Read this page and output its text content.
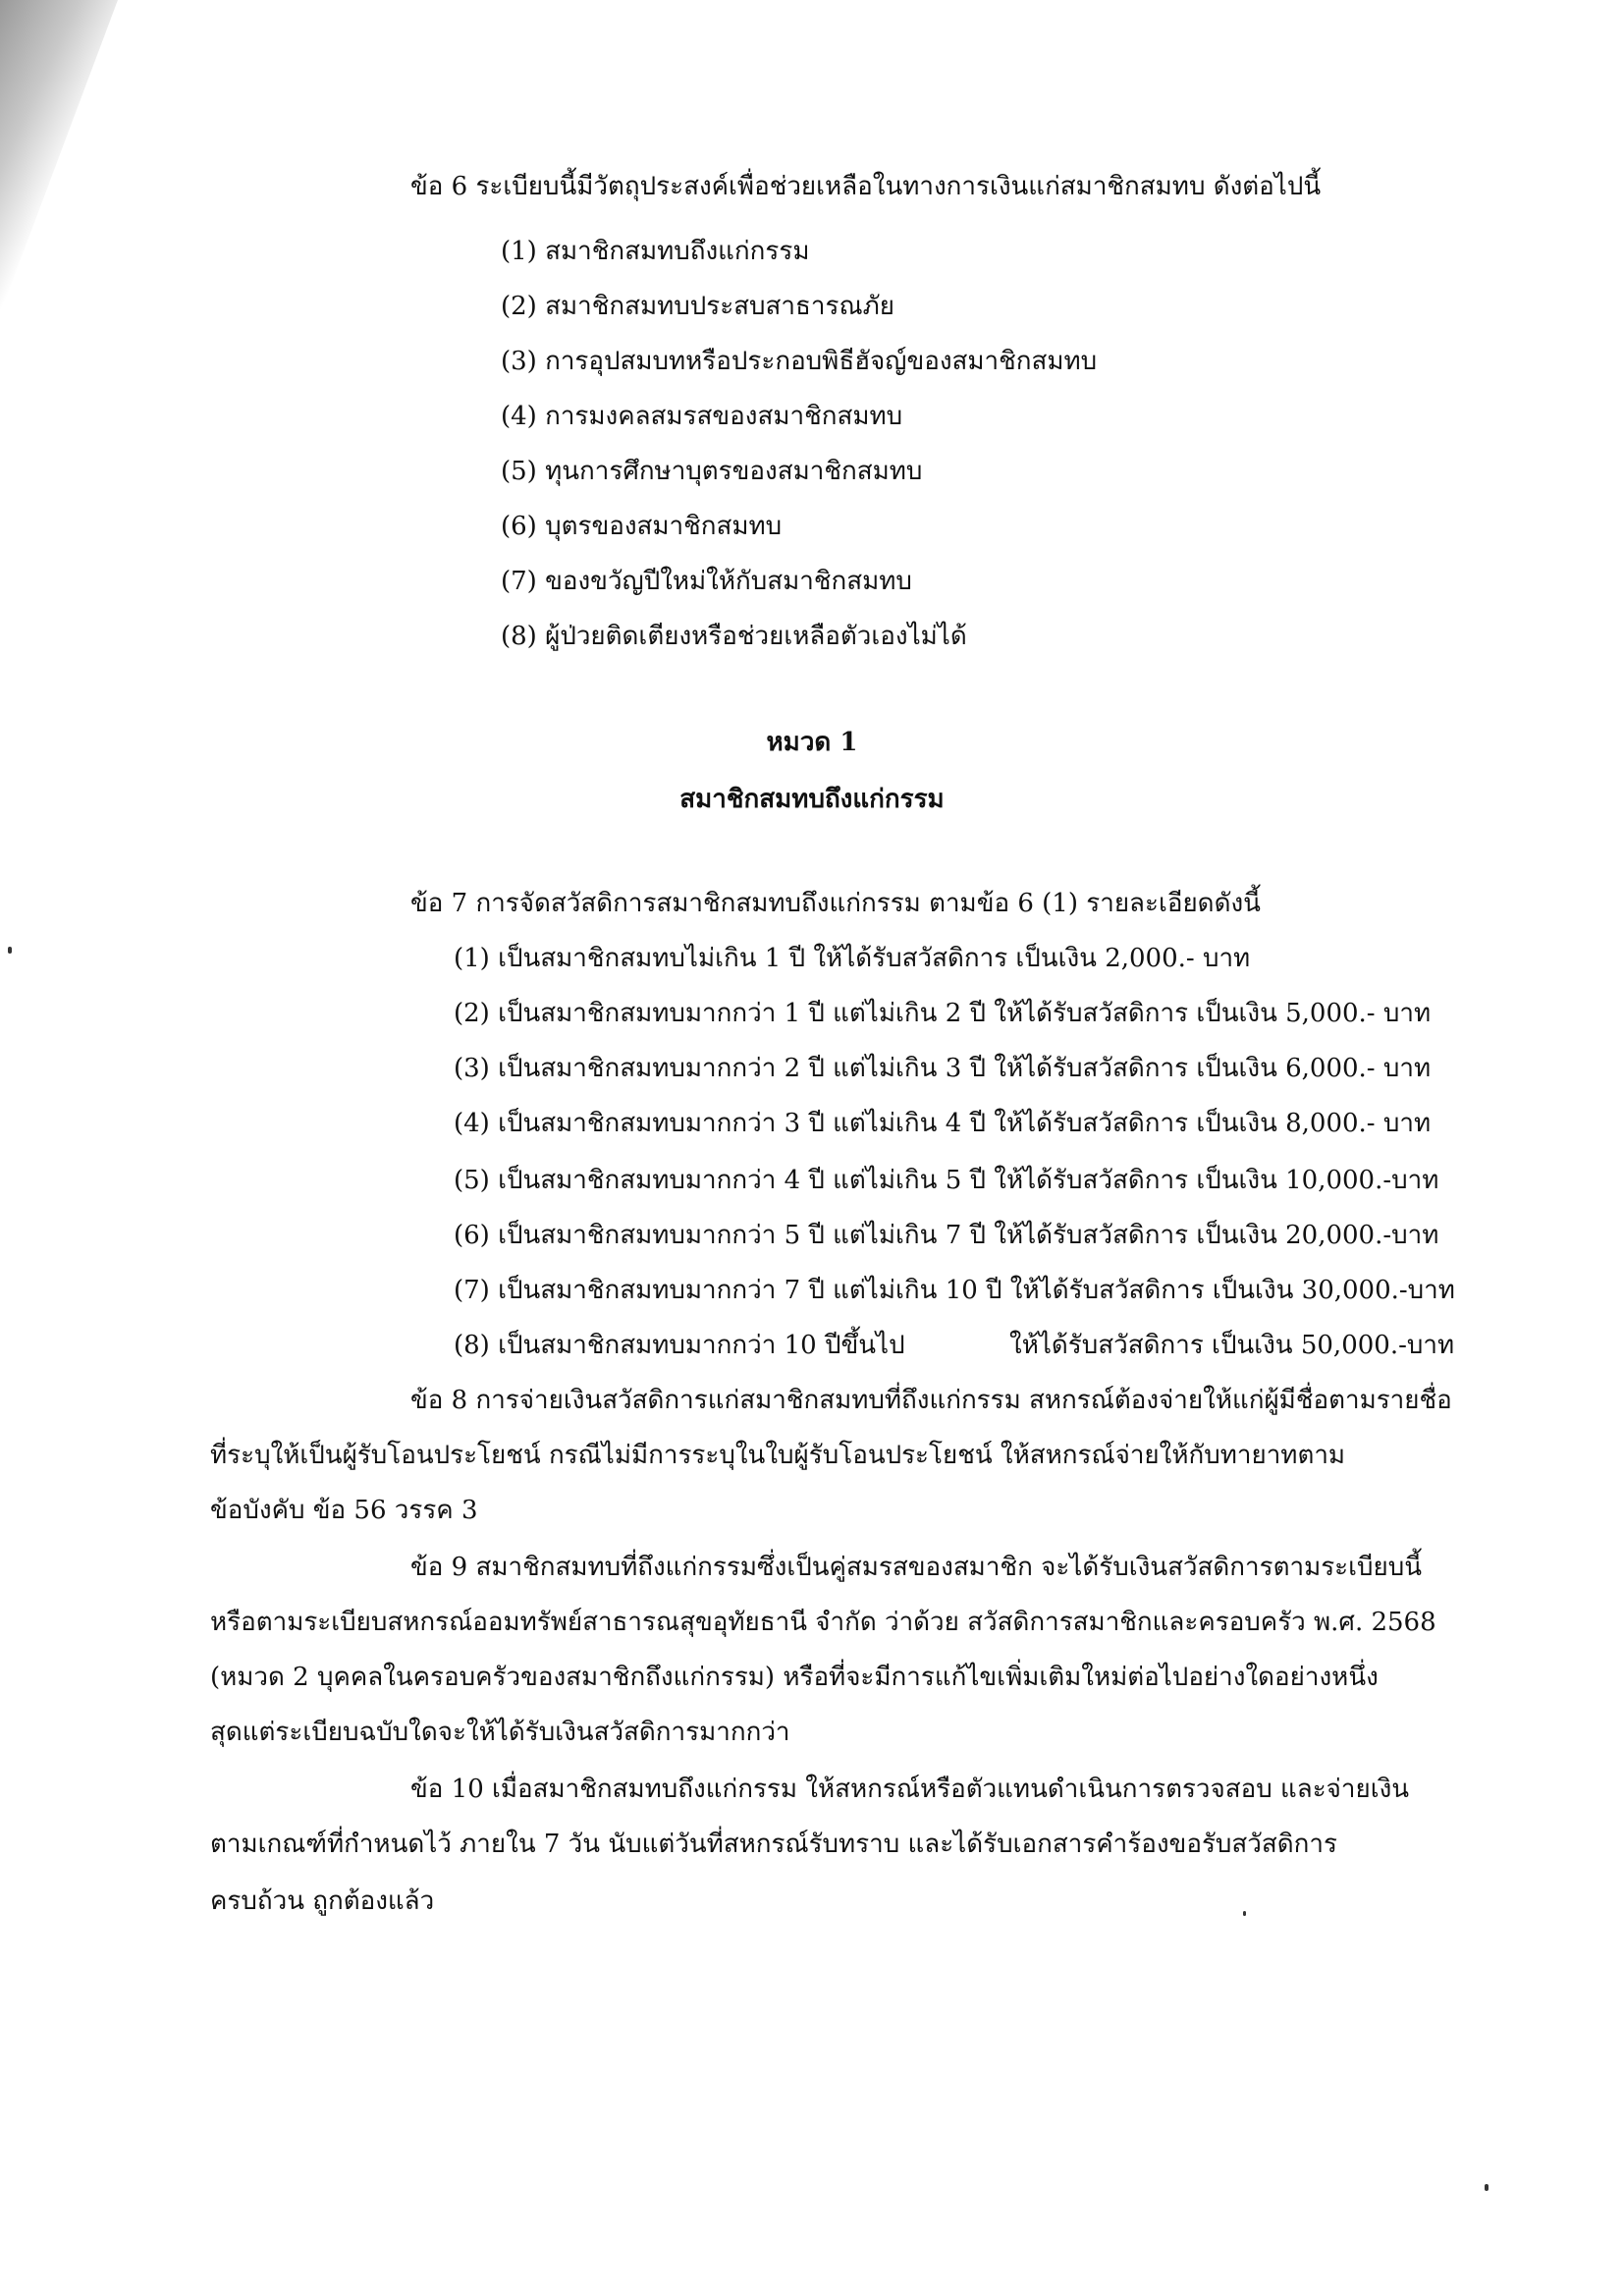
ข้อ 6 ระเบียบนี้มีวัตถุประสงค์เพื่อช่วยเหลือในทางการเงินแก่สมาชิกสมทบ ดังต่อไปนี้
(1) สมาชิกสมทบถึงแก่กรรม
(2) สมาชิกสมทบประสบสาธารณภัย
(3) การอุปสมบทหรือประกอบพิธีฮัจญ์ของสมาชิกสมทบ
(4) การมงคลสมรสของสมาชิกสมทบ
(5) ทุนการศึกษาบุตรของสมาชิกสมทบ
(6) บุตรของสมาชิกสมทบ
(7) ของขวัญปีใหม่ให้กับสมาชิกสมทบ
(8) ผู้ป่วยติดเตียงหรือช่วยเหลือตัวเองไม่ได้
หมวด 1
สมาชิกสมทบถึงแก่กรรม
ข้อ 7 การจัดสวัสดิการสมาชิกสมทบถึงแก่กรรม ตามข้อ 6 (1) รายละเอียดดังนี้
(1) เป็นสมาชิกสมทบไม่เกิน 1 ปี ให้ได้รับสวัสดิการ เป็นเงิน 2,000.- บาท
(2) เป็นสมาชิกสมทบมากกว่า 1 ปี แต่ไม่เกิน 2 ปี ให้ได้รับสวัสดิการ เป็นเงิน 5,000.- บาท
(3) เป็นสมาชิกสมทบมากกว่า 2 ปี แต่ไม่เกิน 3 ปี ให้ได้รับสวัสดิการ เป็นเงิน 6,000.- บาท
(4) เป็นสมาชิกสมทบมากกว่า 3 ปี แต่ไม่เกิน 4 ปี ให้ได้รับสวัสดิการ เป็นเงิน 8,000.- บาท
(5) เป็นสมาชิกสมทบมากกว่า 4 ปี แต่ไม่เกิน 5 ปี ให้ได้รับสวัสดิการ เป็นเงิน 10,000.-บาท
(6) เป็นสมาชิกสมทบมากกว่า 5 ปี แต่ไม่เกิน 7 ปี ให้ได้รับสวัสดิการ เป็นเงิน 20,000.-บาท
(7) เป็นสมาชิกสมทบมากกว่า 7 ปี แต่ไม่เกิน 10 ปี ให้ได้รับสวัสดิการ เป็นเงิน 30,000.-บาท
(8) เป็นสมาชิกสมทบมากกว่า 10 ปีขึ้นไป	ให้ได้รับสวัสดิการ เป็นเงิน 50,000.-บาท
ข้อ 8 การจ่ายเงินสวัสดิการแก่สมาชิกสมทบที่ถึงแก่กรรม สหกรณ์ต้องจ่ายให้แก่ผู้มีชื่อตามรายชื่อ
ที่ระบุให้เป็นผู้รับโอนประโยชน์ กรณีไม่มีการระบุในใบผู้รับโอนประโยชน์ ให้สหกรณ์จ่ายให้กับทายาทตาม
ข้อบังคับ ข้อ 56 วรรค 3
ข้อ 9 สมาชิกสมทบที่ถึงแก่กรรมซึ่งเป็นคู่สมรสของสมาชิก จะได้รับเงินสวัสดิการตามระเบียบนี้
หรือตามระเบียบสหกรณ์ออมทรัพย์สาธารณสุขอุทัยธานี จำกัด ว่าด้วย สวัสดิการสมาชิกและครอบครัว พ.ศ. 2568
(หมวด 2 บุคคลในครอบครัวของสมาชิกถึงแก่กรรม) หรือที่จะมีการแก้ไขเพิ่มเติมใหม่ต่อไปอย่างใดอย่างหนึ่ง
สุดแต่ระเบียบฉบับใดจะให้ได้รับเงินสวัสดิการมากกว่า
ข้อ 10 เมื่อสมาชิกสมทบถึงแก่กรรม ให้สหกรณ์หรือตัวแทนดำเนินการตรวจสอบ และจ่ายเงิน
ตามเกณฑ์ที่กำหนดไว้ ภายใน 7 วัน นับแต่วันที่สหกรณ์รับทราบ และได้รับเอกสารคำร้องขอรับสวัสดิการ
ครบถ้วน ถูกต้องแล้ว
